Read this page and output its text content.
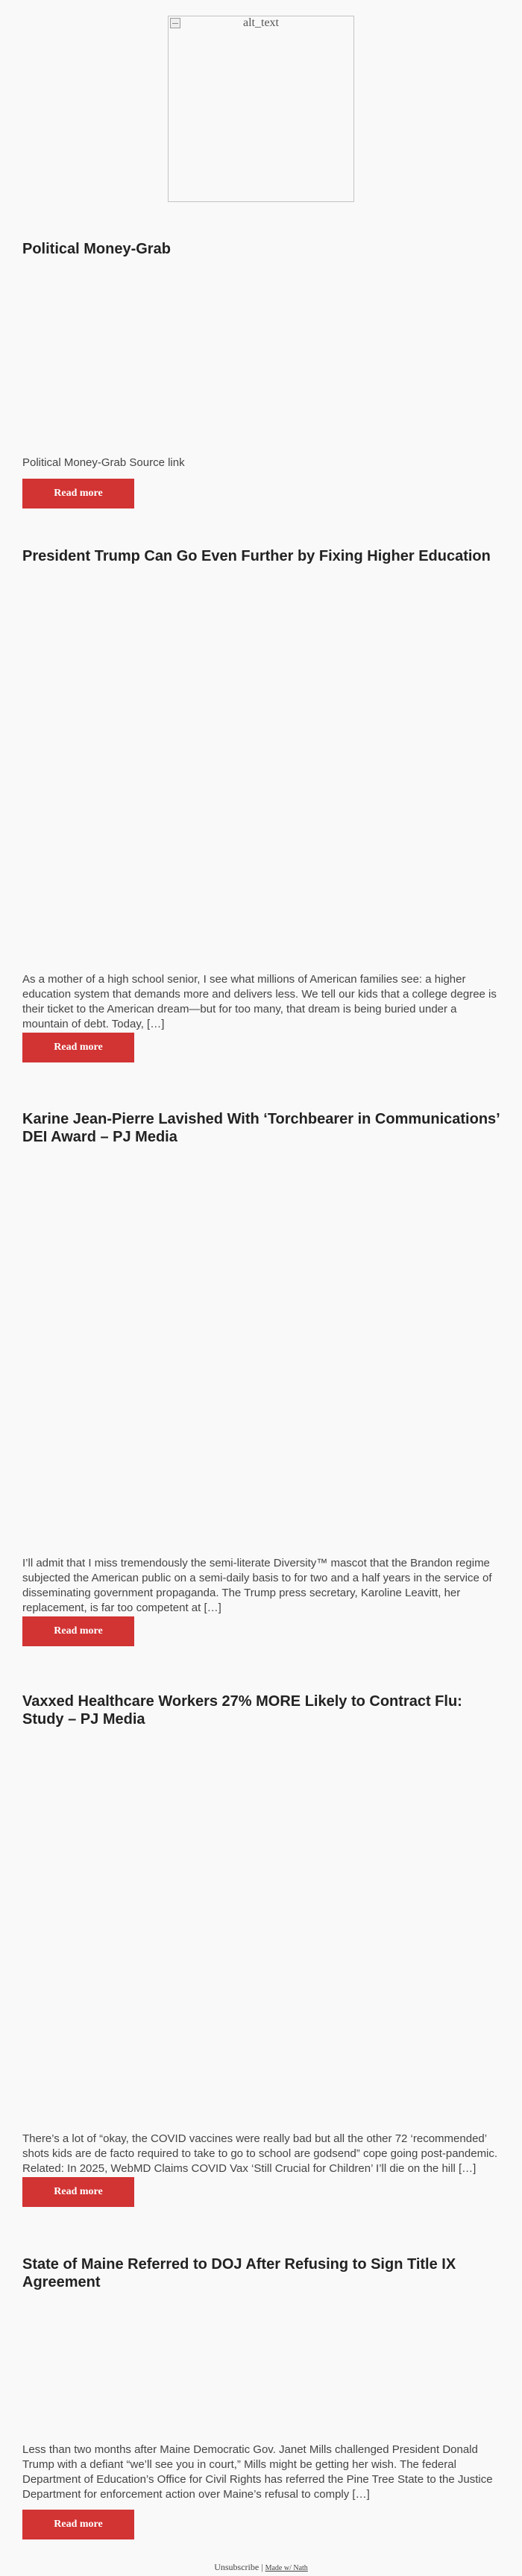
alt_text
Political Money-Grab

Political Money-Grab Source link

Read more
President Trump Can Go Even Further by Fixing Higher Education

As a mother of a high school senior, I see what millions of American families see: a higher education system that demands more and delivers less. We tell our kids that a college degree is their ticket to the American dream—but for too many, that dream is being buried under a mountain of debt. Today, […]

Read more
Karine Jean-Pierre Lavished With ‘Torchbearer in Communications’ DEI Award – PJ Media

I’ll admit that I miss tremendously the semi-literate Diversity™ mascot that the Brandon regime subjected the American public on a semi-daily basis to for two and a half years in the service of disseminating government propaganda. The Trump press secretary, Karoline Leavitt, her replacement, is far too competent at […]

Read more
Vaxxed Healthcare Workers 27% MORE Likely to Contract Flu: Study – PJ Media

There’s a lot of “okay, the COVID vaccines were really bad but all the other 72 ‘recommended’ shots kids are de facto required to take to go to school are godsend” cope going post-pandemic. Related: In 2025, WebMD Claims COVID Vax ‘Still Crucial for Children’ I’ll die on the hill […]

Read more
State of Maine Referred to DOJ After Refusing to Sign Title IX Agreement

Less than two months after Maine Democratic Gov. Janet Mills challenged President Donald Trump with a defiant “we’ll see you in court,” Mills might be getting her wish. The federal Department of Education’s Office for Civil Rights has referred the Pine Tree State to the Justice Department for enforcement action over Maine’s refusal to comply […]

Read more
Unsubscribe | Made w/ Nath
